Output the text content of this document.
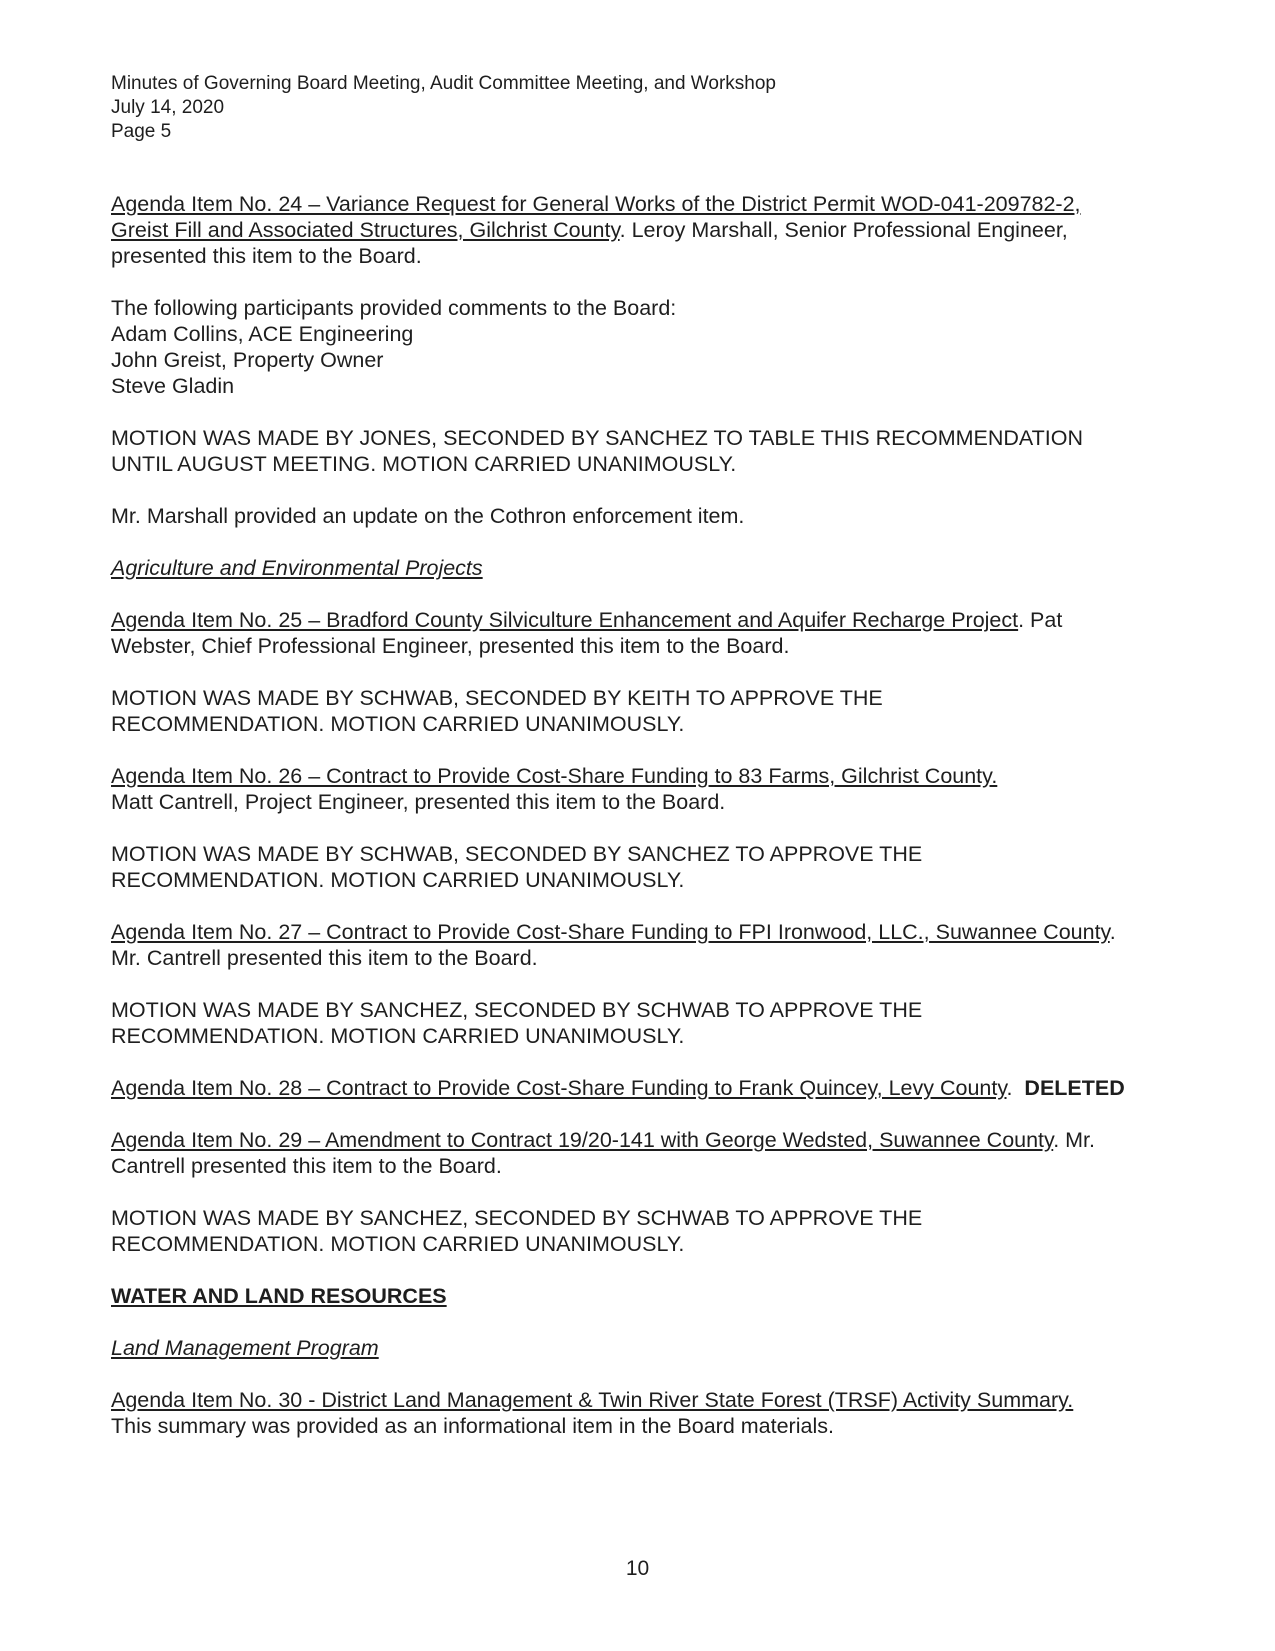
Minutes of Governing Board Meeting, Audit Committee Meeting, and Workshop
July 14, 2020
Page 5
Agenda Item No. 24 – Variance Request for General Works of the District Permit WOD-041-209782-2,
Greist Fill and Associated Structures, Gilchrist County. Leroy Marshall, Senior Professional Engineer,
presented this item to the Board.
The following participants provided comments to the Board:
Adam Collins, ACE Engineering
John Greist, Property Owner
Steve Gladin
MOTION WAS MADE BY JONES, SECONDED BY SANCHEZ TO TABLE THIS RECOMMENDATION
UNTIL AUGUST MEETING. MOTION CARRIED UNANIMOUSLY.
Mr. Marshall provided an update on the Cothron enforcement item.
Agriculture and Environmental Projects
Agenda Item No. 25 – Bradford County Silviculture Enhancement and Aquifer Recharge Project. Pat
Webster, Chief Professional Engineer, presented this item to the Board.
MOTION WAS MADE BY SCHWAB, SECONDED BY KEITH TO APPROVE THE
RECOMMENDATION. MOTION CARRIED UNANIMOUSLY.
Agenda Item No. 26 – Contract to Provide Cost-Share Funding to 83 Farms, Gilchrist County.
Matt Cantrell, Project Engineer, presented this item to the Board.
MOTION WAS MADE BY SCHWAB, SECONDED BY SANCHEZ TO APPROVE THE
RECOMMENDATION. MOTION CARRIED UNANIMOUSLY.
Agenda Item No. 27 – Contract to Provide Cost-Share Funding to FPI Ironwood, LLC., Suwannee County.
Mr. Cantrell presented this item to the Board.
MOTION WAS MADE BY SANCHEZ, SECONDED BY SCHWAB TO APPROVE THE
RECOMMENDATION. MOTION CARRIED UNANIMOUSLY.
Agenda Item No. 28 – Contract to Provide Cost-Share Funding to Frank Quincey, Levy County.  DELETED
Agenda Item No. 29 – Amendment to Contract 19/20-141 with George Wedsted, Suwannee County. Mr.
Cantrell presented this item to the Board.
MOTION WAS MADE BY SANCHEZ, SECONDED BY SCHWAB TO APPROVE THE
RECOMMENDATION. MOTION CARRIED UNANIMOUSLY.
WATER AND LAND RESOURCES
Land Management Program
Agenda Item No. 30 - District Land Management & Twin River State Forest (TRSF) Activity Summary.
This summary was provided as an informational item in the Board materials.
10
